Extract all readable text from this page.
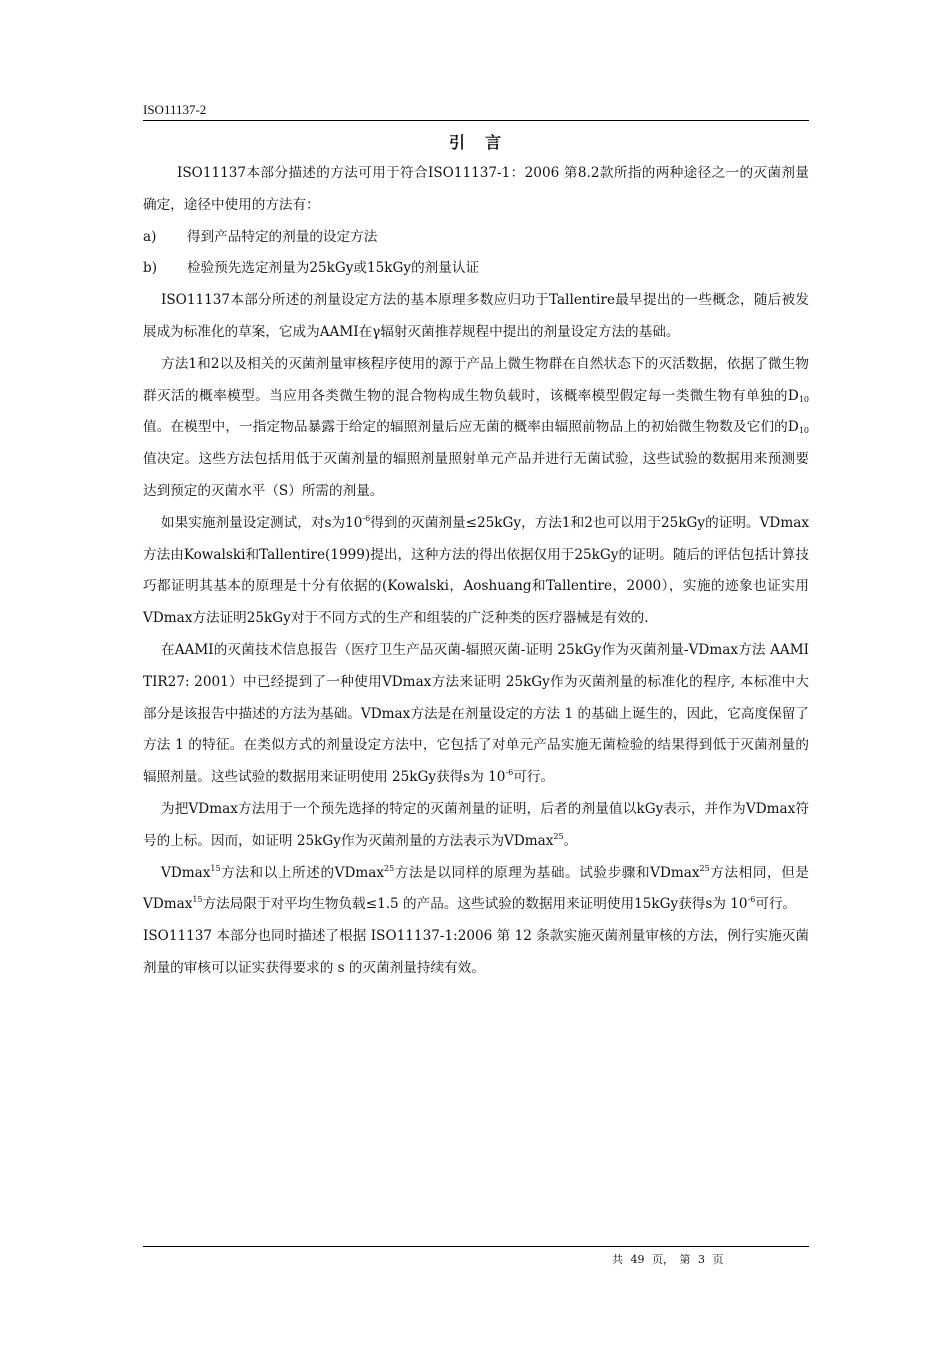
ISO11137-2
引　言

ISO11137本部分描述的方法可用于符合ISO11137-1：2006 第8.2款所指的两种途径之一的灭菌剂量确定，途径中使用的方法有：

a)	得到产品特定的剂量的设定方法

b)	检验预先选定剂量为25kGy或15kGy的剂量认证

ISO11137本部分所述的剂量设定方法的基本原理多数应归功于Tallentire最早提出的一些概念，随后被发展成为标准化的草案，它成为AAMI在γ辐射灭菌推荐规程中提出的剂量设定方法的基础。

方法1和2以及相关的灭菌剂量审核程序使用的源于产品上微生物群在自然状态下的灭活数据，依据了微生物群灭活的概率模型。当应用各类微生物的混合物构成生物负载时，该概率模型假定每一类微生物有单独的$D_{10}$值。在模型中，一指定物品暴露于给定的辐照剂量后应无菌的概率由辐照前物品上的初始微生物数及它们的$D_{10}$值决定。这些方法包括用低于灭菌剂量的辐照剂量照射单元产品并进行无菌试验，这些试验的数据用来预测要达到预定的灭菌水平（S）所需的剂量。

如果实施剂量设定测试，对s为$10^{-6}$得到的灭菌剂量≤25kGy，方法1和2也可以用于25kGy的证明。VDmax方法由Kowalski和Tallentire(1999)提出，这种方法的得出依据仅用于25kGy的证明。随后的评估包括计算技巧都证明其基本的原理是十分有依据的(Kowalski，Aoshuang和Tallentire，2000），实施的迹象也证实用VDmax方法证明25kGy对于不同方式的生产和组装的广泛种类的医疗器械是有效的.

在AAMI的灭菌技术信息报告（医疗卫生产品灭菌-辐照灭菌-证明 25kGy作为灭菌剂量-VDmax方法 AAMI TIR27: 2001）中已经提到了一种使用VDmax方法来证明 25kGy作为灭菌剂量的标准化的程序, 本标准中大部分是该报告中描述的方法为基础。VDmax方法是在剂量设定的方法 1 的基础上诞生的，因此，它高度保留了方法 1 的特征。在类似方式的剂量设定方法中，它包括了对单元产品实施无菌检验的结果得到低于灭菌剂量的辐照剂量。这些试验的数据用来证明使用 25kGy获得s为 $10^{-6}$可行。

为把VDmax方法用于一个预先选择的特定的灭菌剂量的证明，后者的剂量值以kGy表示，并作为VDmax符号的上标。因而，如证明 25kGy作为灭菌剂量的方法表示为VDmax$^{25}$。

VDmax$^{15}$方法和以上所述的VDmax$^{25}$方法是以同样的原理为基础。试验步骤和VDmax$^{25}$方法相同，但是VDmax$^{15}$方法局限于对平均生物负载≤1.5 的产品。这些试验的数据用来证明使用15kGy获得s为 $10^{-6}$可行。

ISO11137 本部分也同时描述了根据 ISO11137-1:2006 第 12 条款实施灭菌剂量审核的方法，例行实施灭菌剂量的审核可以证实获得要求的 s 的灭菌剂量持续有效。

共 49 页，　第 3 页
